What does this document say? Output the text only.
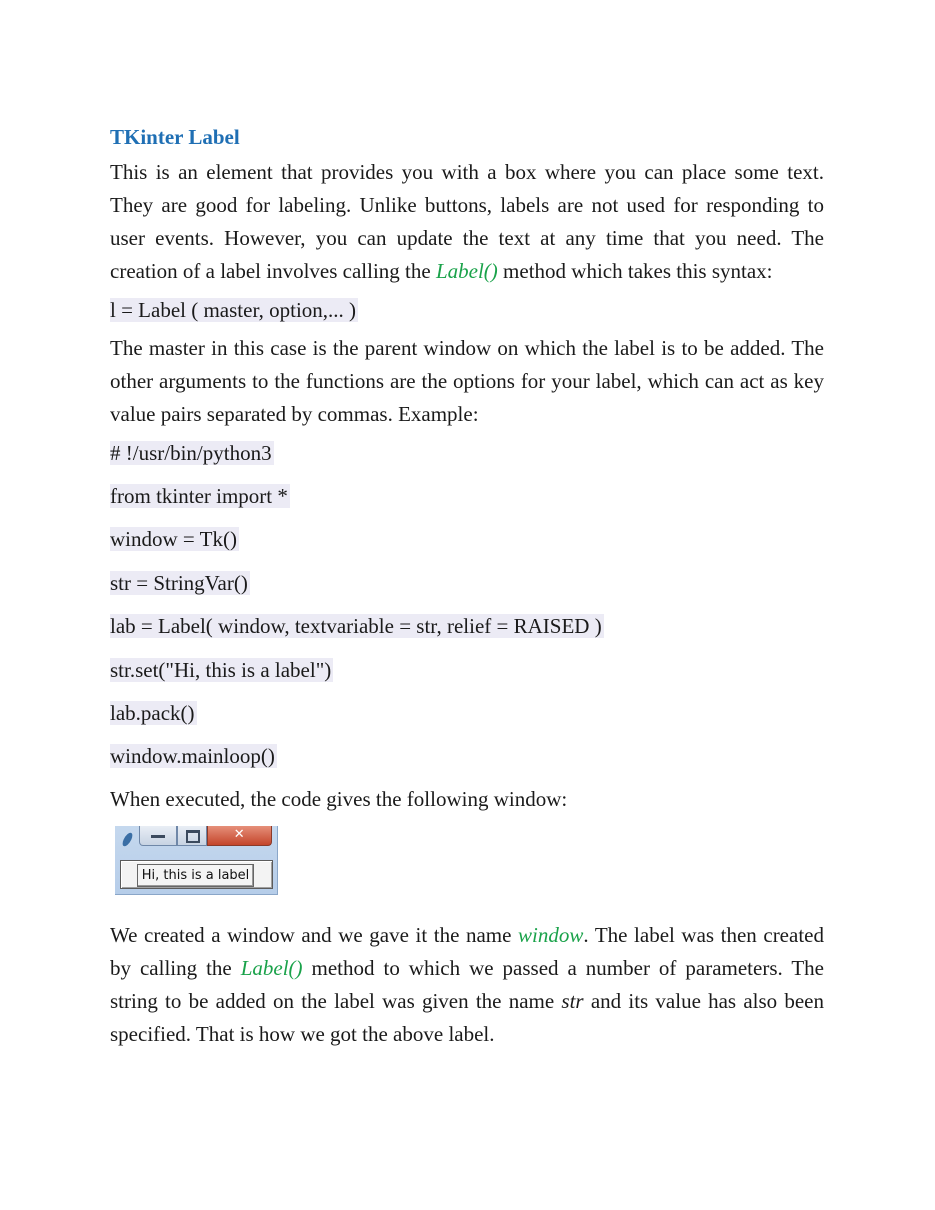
TKinter Label

This is an element that provides you with a box where you can place some text. They are good for labeling. Unlike buttons, labels are not used for responding to user events. However, you can update the text at any time that you need. The creation of a label involves calling the Label() method which takes this syntax:

l = Label ( master, option,... )

The master in this case is the parent window on which the label is to be added. The other arguments to the functions are the options for your label, which can act as key value pairs separated by commas. Example:

# !/usr/bin/python3

from tkinter import *

window = Tk()

str = StringVar()

lab = Label( window, textvariable = str, relief = RAISED )

str.set("Hi, this is a label")

lab.pack()

window.mainloop()

When executed, the code gives the following window:

✕
Hi, this is a label

We created a window and we gave it the name window. The label was then created by calling the Label() method to which we passed a number of parameters. The string to be added on the label was given the name str and its value has also been specified. That is how we got the above label.
